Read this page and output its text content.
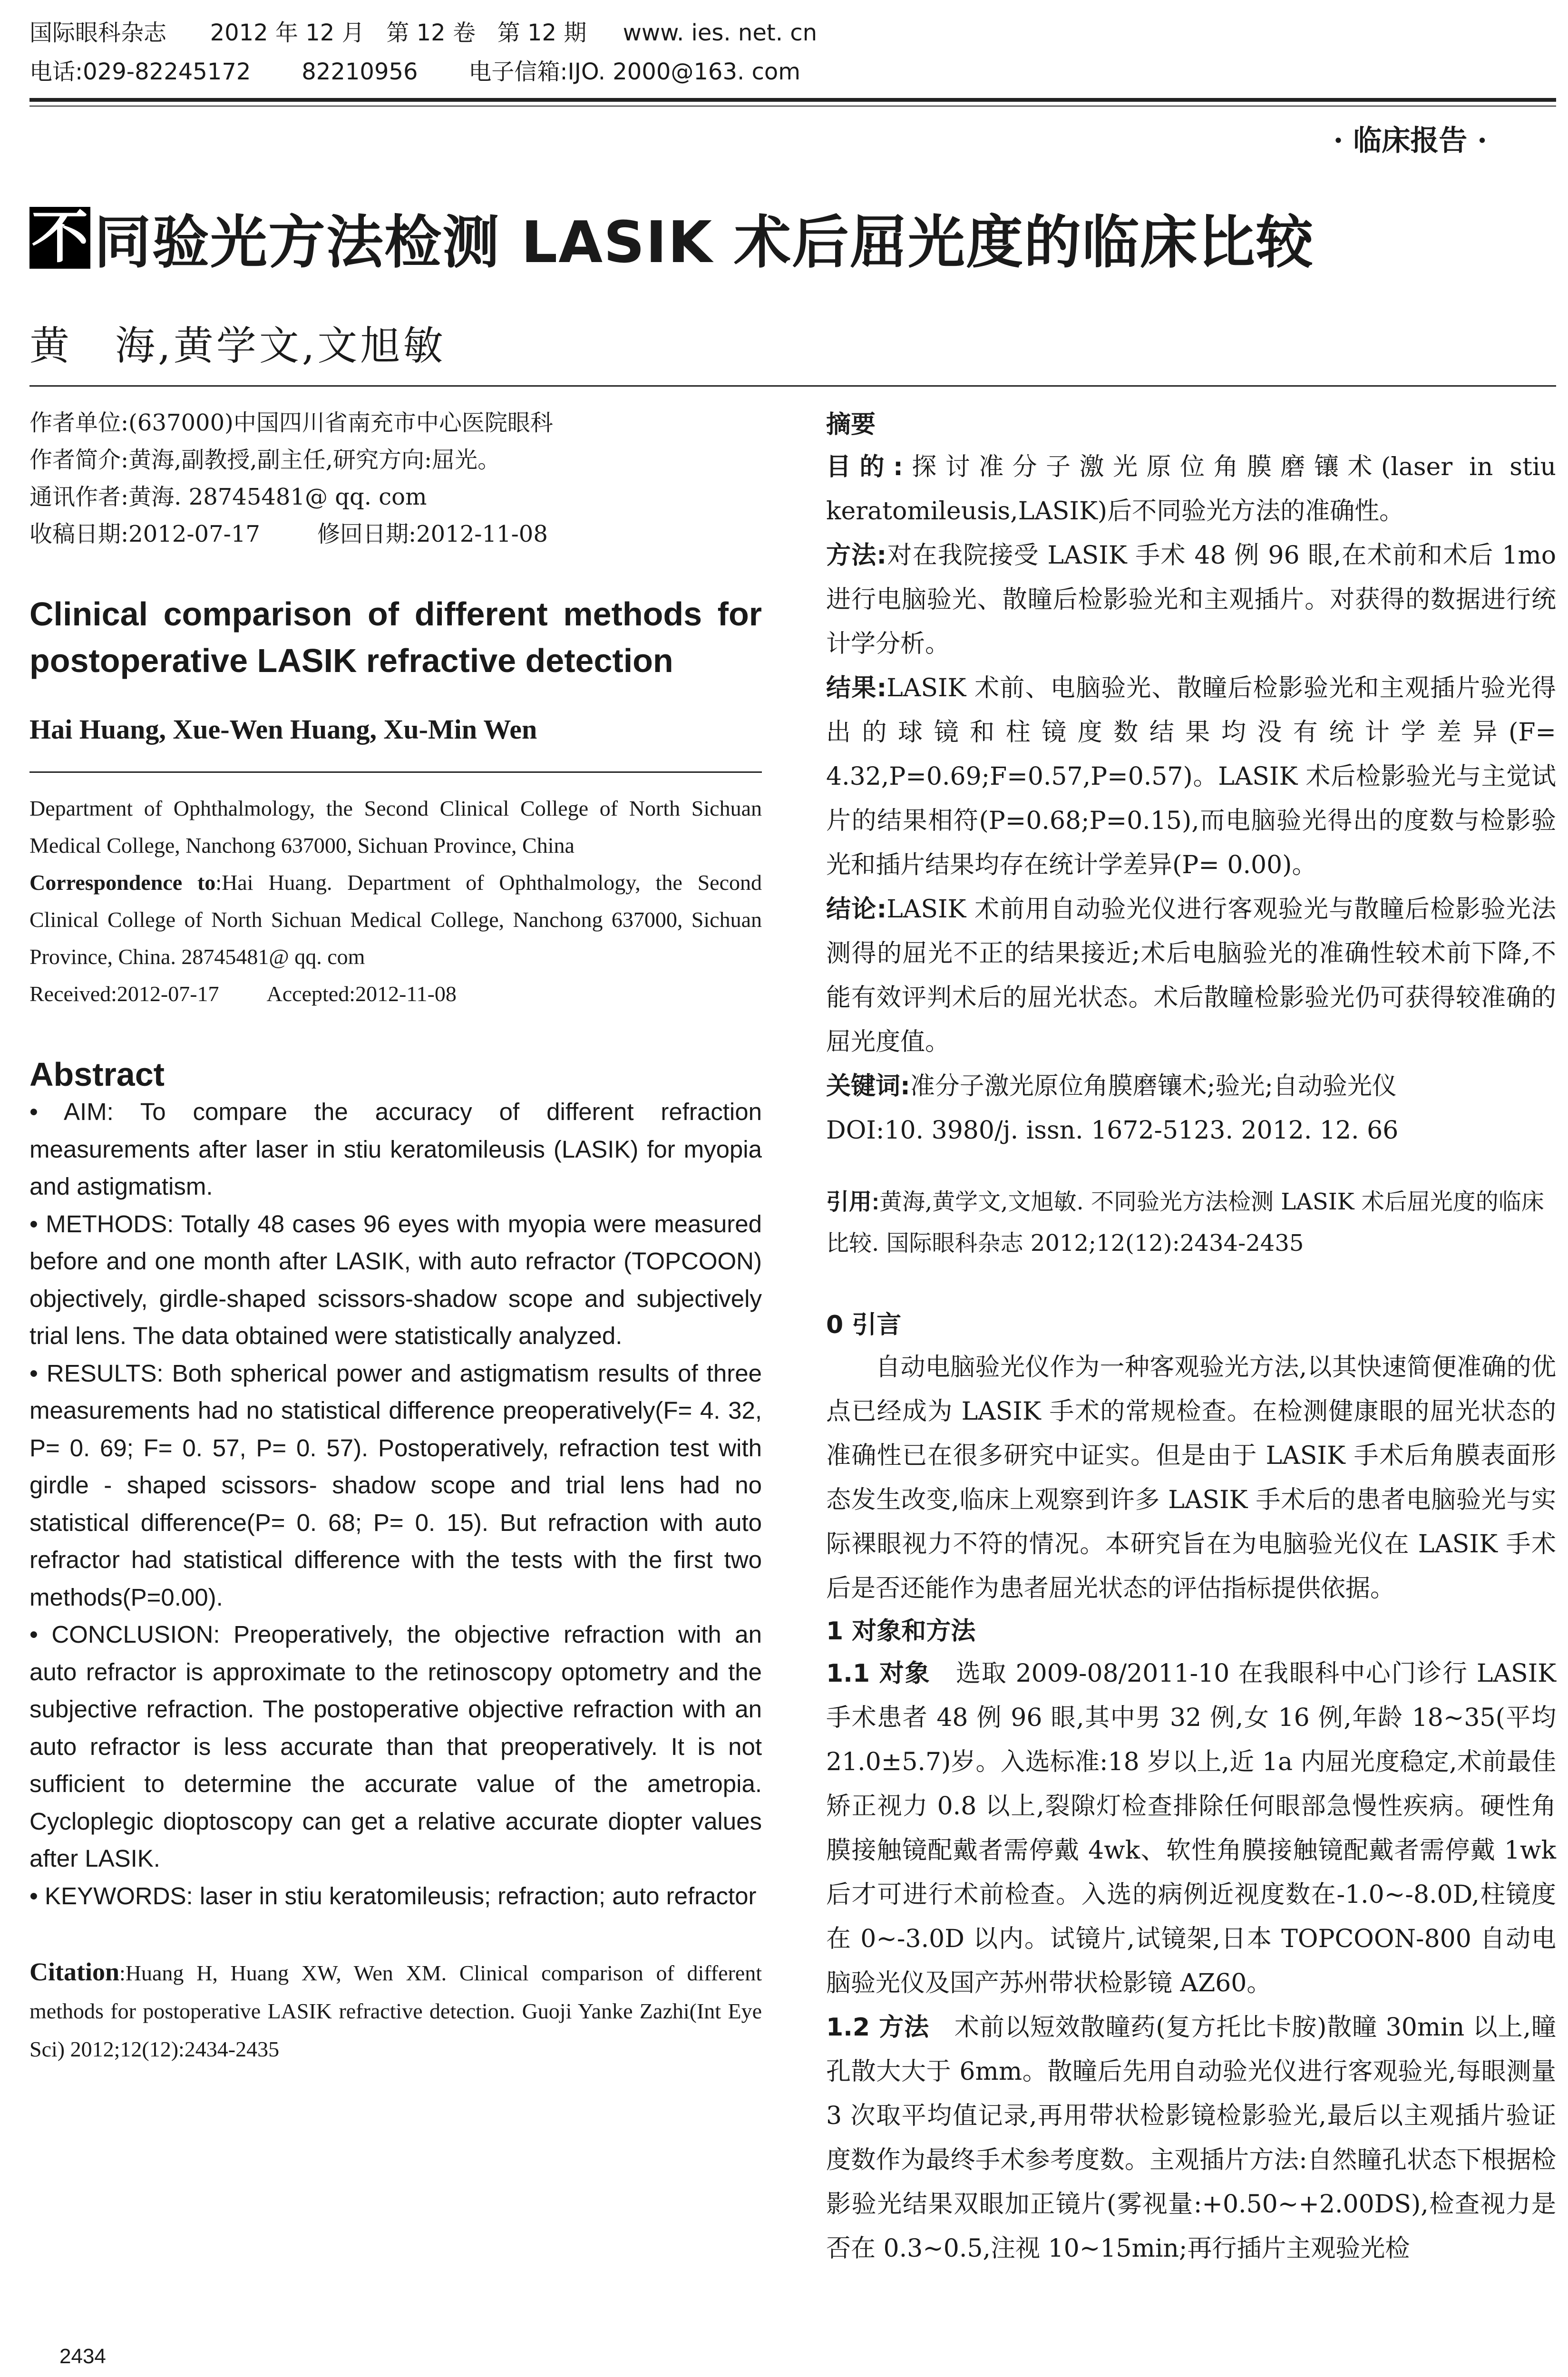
国际眼科杂志 2012 年 12 月 第 12 卷 第 12 期 www. ies. net. cn
电话:029-82245172 82210956 电子信箱:IJO. 2000@163. com
· 临床报告 ·
不 同验光方法检测 LASIK 术后屈光度的临床比较
黄　海,黄学文,文旭敏
作者单位:(637000)中国四川省南充市中心医院眼科
作者简介:黄海,副教授,副主任,研究方向:屈光。
通讯作者:黄海. 28745481@ qq. com
收稿日期:2012-07-17	修回日期:2012-11-08
Clinical comparison of different methods for postoperative LASIK refractive detection
Hai Huang, Xue-Wen Huang, Xu-Min Wen
Department of Ophthalmology, the Second Clinical College of North Sichuan Medical College, Nanchong 637000, Sichuan Province, China
Correspondence to:Hai Huang. Department of Ophthalmology, the Second Clinical College of North Sichuan Medical College, Nanchong 637000, Sichuan Province, China. 28745481@ qq. com
Received:2012-07-17 Accepted:2012-11-08
Abstract
• AIM: To compare the accuracy of different refraction measurements after laser in stiu keratomileusis (LASIK) for myopia and astigmatism.
• METHODS: Totally 48 cases 96 eyes with myopia were measured before and one month after LASIK, with auto refractor (TOPCOON) objectively, girdle-shaped scissors-shadow scope and subjectively trial lens. The data obtained were statistically analyzed.
• RESULTS: Both spherical power and astigmatism results of three measurements had no statistical difference preoperatively(F= 4. 32, P= 0. 69; F= 0. 57, P= 0. 57). Postoperatively, refraction test with girdle - shaped scissors- shadow scope and trial lens had no statistical difference(P= 0. 68; P= 0. 15). But refraction with auto refractor had statistical difference with the tests with the first two methods(P=0.00).
• CONCLUSION: Preoperatively, the objective refraction with an auto refractor is approximate to the retinoscopy optometry and the subjective refraction. The postoperative objective refraction with an auto refractor is less accurate than that preoperatively. It is not sufficient to determine the accurate value of the ametropia. Cycloplegic dioptoscopy can get a relative accurate diopter values after LASIK.
• KEYWORDS: laser in stiu keratomileusis; refraction; auto refractor
Citation:Huang H, Huang XW, Wen XM. Clinical comparison of different methods for postoperative LASIK refractive detection. Guoji Yanke Zazhi(Int Eye Sci) 2012;12(12):2434-2435
2434
摘要
目的:探讨准分子激光原位角膜磨镶术(laser in stiu keratomileusis,LASIK)后不同验光方法的准确性。
方法:对在我院接受 LASIK 手术 48 例 96 眼,在术前和术后 1mo 进行电脑验光、散瞳后检影验光和主观插片。对获得的数据进行统计学分析。
结果:LASIK 术前、电脑验光、散瞳后检影验光和主观插片验光得出的球镜和柱镜度数结果均没有统计学差异(F= 4.32,P=0.69;F=0.57,P=0.57)。LASIK 术后检影验光与主觉试片的结果相符(P=0.68;P=0.15),而电脑验光得出的度数与检影验光和插片结果均存在统计学差异(P= 0.00)。
结论:LASIK 术前用自动验光仪进行客观验光与散瞳后检影验光法测得的屈光不正的结果接近;术后电脑验光的准确性较术前下降,不能有效评判术后的屈光状态。术后散瞳检影验光仍可获得较准确的屈光度值。
关键词:准分子激光原位角膜磨镶术;验光;自动验光仪
DOI:10. 3980/j. issn. 1672-5123. 2012. 12. 66
引用:黄海,黄学文,文旭敏. 不同验光方法检测 LASIK 术后屈光度的临床比较. 国际眼科杂志 2012;12(12):2434-2435
0 引言
自动电脑验光仪作为一种客观验光方法,以其快速简便准确的优点已经成为 LASIK 手术的常规检查。在检测健康眼的屈光状态的准确性已在很多研究中证实。但是由于 LASIK 手术后角膜表面形态发生改变,临床上观察到许多 LASIK 手术后的患者电脑验光与实际裸眼视力不符的情况。本研究旨在为电脑验光仪在 LASIK 手术后是否还能作为患者屈光状态的评估指标提供依据。
1 对象和方法
1.1 对象　选取 2009-08/2011-10 在我眼科中心门诊行 LASIK 手术患者 48 例 96 眼,其中男 32 例,女 16 例,年龄 18~35(平均 21.0±5.7)岁。入选标准:18 岁以上,近 1a 内屈光度稳定,术前最佳矫正视力 0.8 以上,裂隙灯检查排除任何眼部急慢性疾病。硬性角膜接触镜配戴者需停戴 4wk、软性角膜接触镜配戴者需停戴 1wk 后才可进行术前检查。入选的病例近视度数在-1.0~-8.0D,柱镜度在 0~-3.0D 以内。试镜片,试镜架,日本 TOPCOON-800 自动电脑验光仪及国产苏州带状检影镜 AZ60。
1.2 方法　术前以短效散瞳药(复方托比卡胺)散瞳 30min 以上,瞳孔散大大于 6mm。散瞳后先用自动验光仪进行客观验光,每眼测量 3 次取平均值记录,再用带状检影镜检影验光,最后以主观插片验证度数作为最终手术参考度数。主观插片方法:自然瞳孔状态下根据检影验光结果双眼加正镜片(雾视量:+0.50~+2.00DS),检查视力是否在 0.3~0.5,注视 10~15min;再行插片主观验光检
